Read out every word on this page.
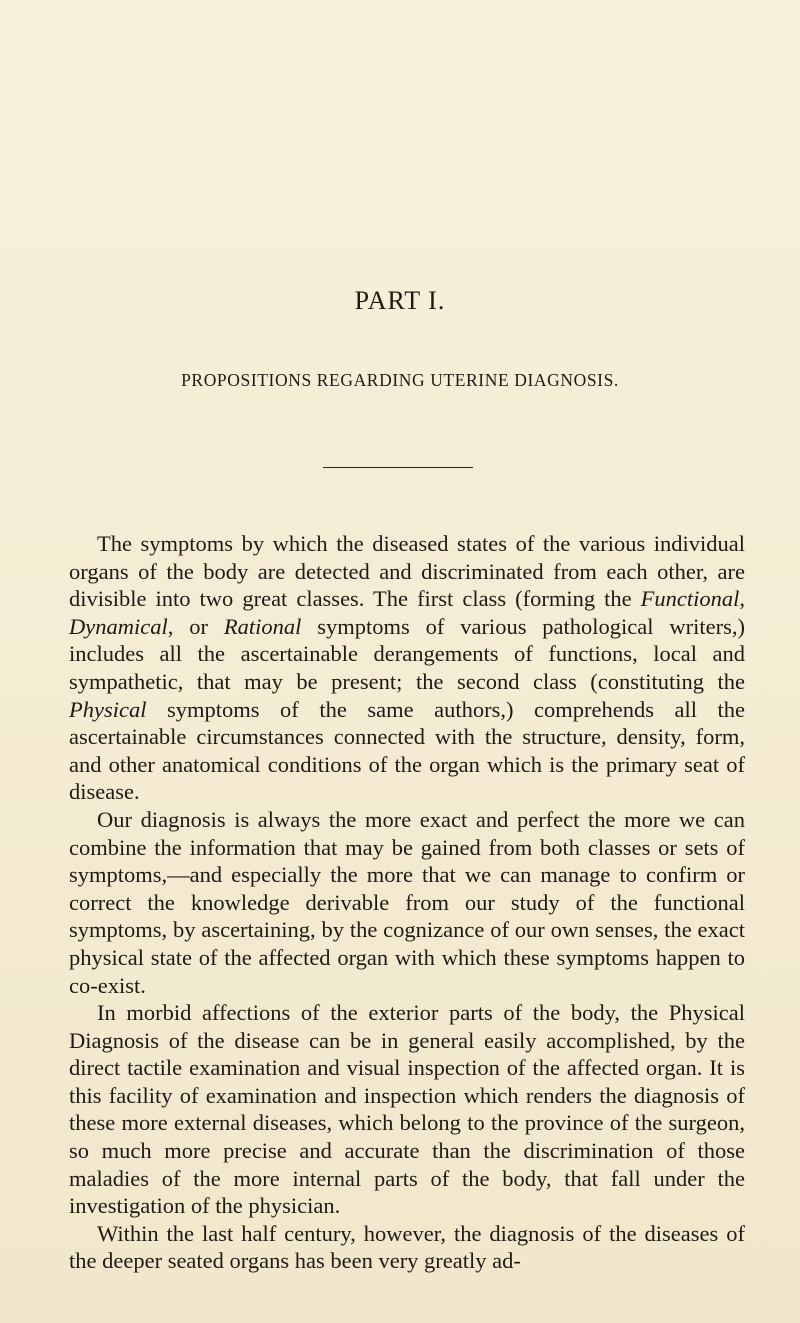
PART I.
PROPOSITIONS REGARDING UTERINE DIAGNOSIS.

The symptoms by which the diseased states of the various individual organs of the body are detected and discriminated from each other, are divisible into two great classes. The first class (forming the Functional, Dynamical, or Rational symptoms of various pathological writers,) includes all the ascertainable derangements of functions, local and sympathetic, that may be present; the second class (constituting the Physical symptoms of the same authors,) comprehends all the ascertainable circumstances connected with the structure, density, form, and other anatomical conditions of the organ which is the primary seat of disease.

Our diagnosis is always the more exact and perfect the more we can combine the information that may be gained from both classes or sets of symptoms,—and especially the more that we can manage to confirm or correct the knowledge derivable from our study of the functional symptoms, by ascertaining, by the cognizance of our own senses, the exact physical state of the affected organ with which these symptoms happen to co-exist.

In morbid affections of the exterior parts of the body, the Physical Diagnosis of the disease can be in general easily accomplished, by the direct tactile examination and visual inspection of the affected organ. It is this facility of examination and inspection which renders the diagnosis of these more external diseases, which belong to the province of the surgeon, so much more precise and accurate than the discrimination of those maladies of the more internal parts of the body, that fall under the investigation of the physician.

Within the last half century, however, the diagnosis of the diseases of the deeper seated organs has been very greatly ad-
